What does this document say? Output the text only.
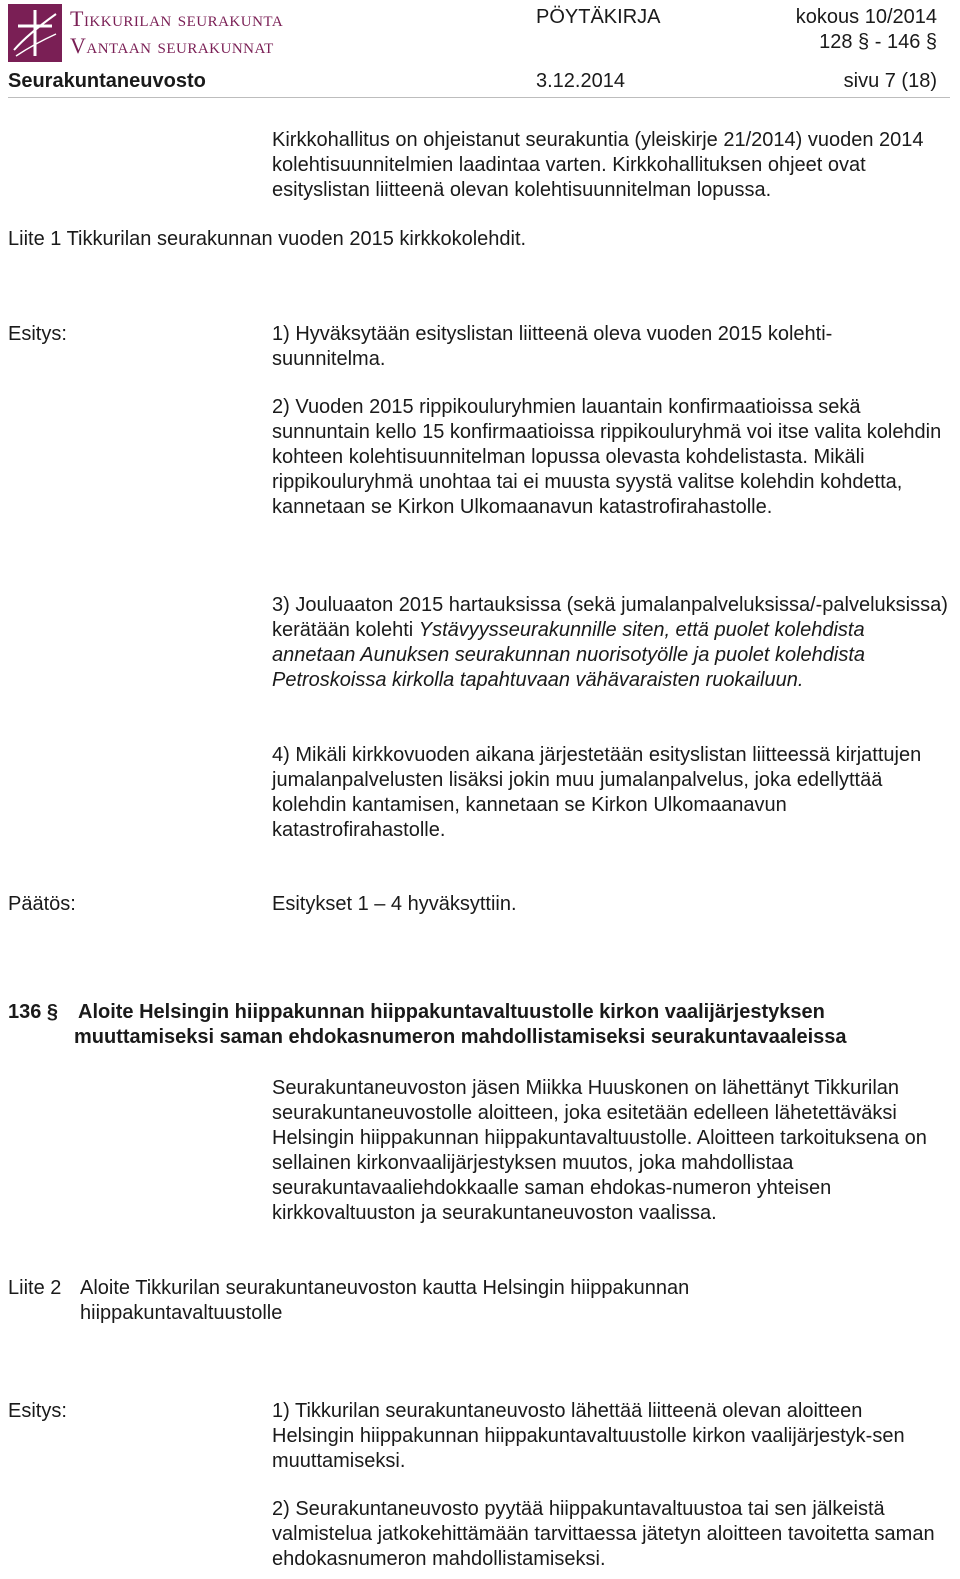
Tikkurilan seurakunta
Vantaan seurakunnat
PÖYTÄKIRJA	kokous 10/2014
128 § - 146 §
Seurakuntaneuvosto	3.12.2014	sivu 7 (18)
Kirkkohallitus on ohjeistanut seurakuntia (yleiskirje 21/2014) vuoden 2014 kolehtisuunnitelmien laadintaa varten. Kirkkohallituksen ohjeet ovat esityslistan liitteenä olevan kolehtisuunnitelman lopussa.
Liite 1 Tikkurilan seurakunnan vuoden 2015 kirkkokolehdit.
Esitys:	1) Hyväksytään esityslistan liitteenä oleva vuoden 2015 kolehti-suunnitelma.
2) Vuoden 2015 rippikouluryhmien lauantain konfirmaatioissa sekä sunnuntain kello 15 konfirmaatioissa rippikouluryhmä voi itse valita kolehdin kohteen kolehtisuunnitelman lopussa olevasta kohdelistasta. Mikäli rippikouluryhmä unohtaa tai ei muusta syystä valitse kolehdin kohdetta, kannetaan se Kirkon Ulkomaanavun katastrofirahastolle.
3) Jouluaaton 2015 hartauksissa (sekä jumalanpalveluksissa/-palveluksissa) kerätään kolehti Ystävyysseurakunnille siten, että puolet kolehdista annetaan Aunuksen seurakunnan nuorisotyölle ja puolet kolehdista Petroskoissa kirkolla tapahtuvaan vähävaraisten ruokailuun.
4) Mikäli kirkkovuoden aikana järjestetään esityslistan liitteessä kirjattujen jumalanpalvelusten lisäksi jokin muu jumalanpalvelus, joka edellyttää kolehdin kantamisen, kannetaan se Kirkon Ulkomaanavun katastrofirahastolle.
Päätös:	Esitykset 1 – 4 hyväksyttiin.
136 § Aloite Helsingin hiippakunnan hiippakuntavaltuustolle kirkon vaalijärjestyksen
muuttamiseksi saman ehdokasnumeron mahdollistamiseksi seurakuntavaaleissa
Seurakuntaneuvoston jäsen Miikka Huuskonen on lähettänyt Tikkurilan seurakuntaneuvostolle aloitteen, joka esitetään edelleen lähetettäväksi Helsingin hiippakunnan hiippakuntavaltuustolle. Aloitteen tarkoituksena on sellainen kirkonvaalijärjestyksen muutos, joka mahdollistaa seurakuntavaaliehdokkaalle saman ehdokas-numeron yhteisen kirkkovaltuuston ja seurakuntaneuvoston vaalissa.
Liite 2 Aloite Tikkurilan seurakuntaneuvoston kautta Helsingin hiippakunnan hiippakuntavaltuustolle
Esitys:	1) Tikkurilan seurakuntaneuvosto lähettää liitteenä olevan aloitteen Helsingin hiippakunnan hiippakuntavaltuustolle kirkon vaalijärjestyk-sen muuttamiseksi.
2) Seurakuntaneuvosto pyytää hiippakuntavaltuustoa tai sen jälkeistä valmistelua jatkokehittämään tarvittaessa jätetyn aloitteen tavoitetta saman ehdokasnumeron mahdollistamiseksi.
